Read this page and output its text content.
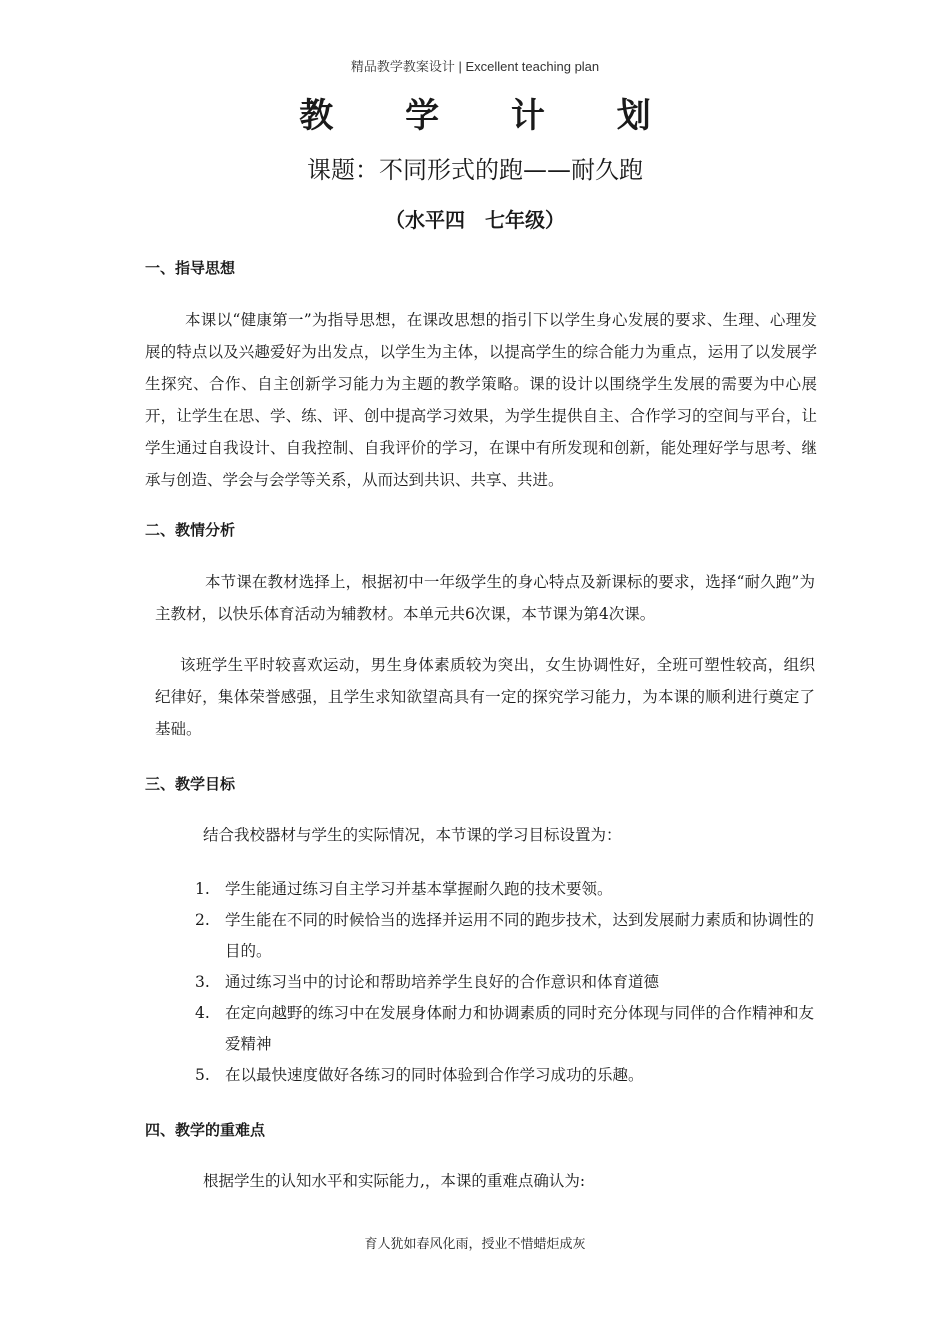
精品教学教案设计 | Excellent teaching plan
教 学 计 划
课题：不同形式的跑——耐久跑
（水平四　七年级）
一、指导思想
本课以“健康第一”为指导思想，在课改思想的指引下以学生身心发展的要求、生理、心理发展的特点以及兴趣爱好为出发点，以学生为主体，以提高学生的综合能力为重点，运用了以发展学生探究、合作、自主创新学习能力为主题的教学策略。课的设计以围绕学生发展的需要为中心展开，让学生在思、学、练、评、创中提高学习效果，为学生提供自主、合作学习的空间与平台，让学生通过自我设计、自我控制、自我评价的学习，在课中有所发现和创新，能处理好学与思考、继承与创造、学会与会学等关系，从而达到共识、共享、共进。
二、教情分析
本节课在教材选择上，根据初中一年级学生的身心特点及新课标的要求，选择“耐久跑”为主教材，以快乐体育活动为辅教材。本单元共6次课，本节课为第4次课。
该班学生平时较喜欢运动，男生身体素质较为突出，女生协调性好，全班可塑性较高，组织纪律好，集体荣誉感强，且学生求知欲望高具有一定的探究学习能力，为本课的顺利进行奠定了基础。
三、教学目标
结合我校器材与学生的实际情况，本节课的学习目标设置为：
1. 学生能通过练习自主学习并基本掌握耐久跑的技术要领。
2. 学生能在不同的时候恰当的选择并运用不同的跑步技术，达到发展耐力素质和协调性的目的。
3. 通过练习当中的讨论和帮助培养学生良好的合作意识和体育道德
4. 在定向越野的练习中在发展身体耐力和协调素质的同时充分体现与同伴的合作精神和友爱精神
5. 在以最快速度做好各练习的同时体验到合作学习成功的乐趣。
四、教学的重难点
根据学生的认知水平和实际能力,，本课的重难点确认为:
育人犹如春风化雨，授业不惜蜡炬成灰
